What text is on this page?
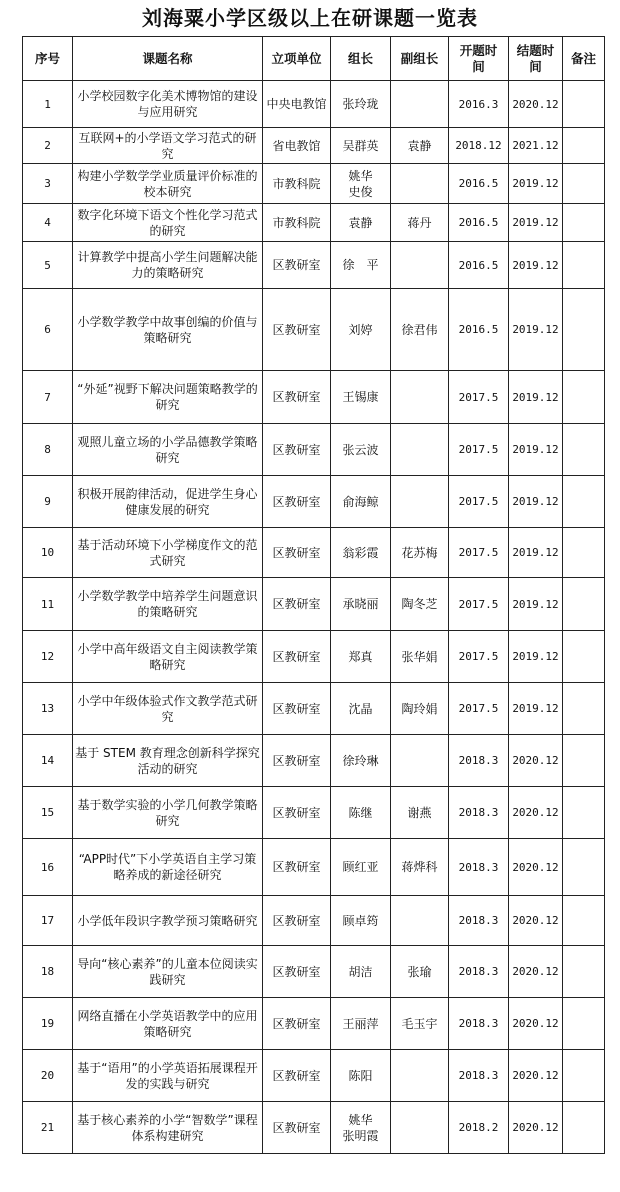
刘海粟小学区级以上在研课题一览表
序号	课题名称	立项单位	组长	副组长	开题时
间	结题时
间	备注
1	小学校园数字化美术博物馆的建设与应用研究	中央电教馆	张玲珑		2016.3	2020.12	
2	互联网+的小学语文学习范式的研究	省电教馆	吴群英	袁静	2018.12	2021.12	
3	构建小学数学学业质量评价标准的校本研究	市教科院	姚华
史俊		2016.5	2019.12	
4	数字化环境下语文个性化学习范式的研究	市教科院	袁静	蒋丹	2016.5	2019.12	
5	计算教学中提高小学生问题解决能力的策略研究	区教研室	徐　平		2016.5	2019.12	
6	小学数学教学中故事创编的价值与策略研究	区教研室	刘婷	徐君伟	2016.5	2019.12	
7	“外延”视野下解决问题策略教学的研究	区教研室	王锡康		2017.5	2019.12	
8	观照儿童立场的小学品德教学策略研究	区教研室	张云波		2017.5	2019.12	
9	积极开展韵律活动，促进学生身心健康发展的研究	区教研室	俞海鲸		2017.5	2019.12	
10	基于活动环境下小学梯度作文的范式研究	区教研室	翁彩霞	花苏梅	2017.5	2019.12	
11	小学数学教学中培养学生问题意识的策略研究	区教研室	承晓丽	陶冬芝	2017.5	2019.12	
12	小学中高年级语文自主阅读教学策略研究	区教研室	郑真	张华娟	2017.5	2019.12	
13	小学中年级体验式作文教学范式研究	区教研室	沈晶	陶玲娟	2017.5	2019.12	
14	基于 STEM 教育理念创新科学探究活动的研究	区教研室	徐玲琳		2018.3	2020.12	
15	基于数学实验的小学几何教学策略研究	区教研室	陈继	谢燕	2018.3	2020.12	
16	“APP时代”下小学英语自主学习策略养成的新途径研究	区教研室	顾红亚	蒋烨科	2018.3	2020.12	
17	小学低年段识字教学预习策略研究	区教研室	顾卓筠		2018.3	2020.12	
18	导向“核心素养”的儿童本位阅读实践研究	区教研室	胡洁	张瑜	2018.3	2020.12	
19	网络直播在小学英语教学中的应用策略研究	区教研室	王丽萍	毛玉宇	2018.3	2020.12	
20	基于“语用”的小学英语拓展课程开发的实践与研究	区教研室	陈阳		2018.3	2020.12	
21	基于核心素养的小学“智数学”课程体系构建研究	区教研室	姚华
张明霞		2018.2	2020.12	
